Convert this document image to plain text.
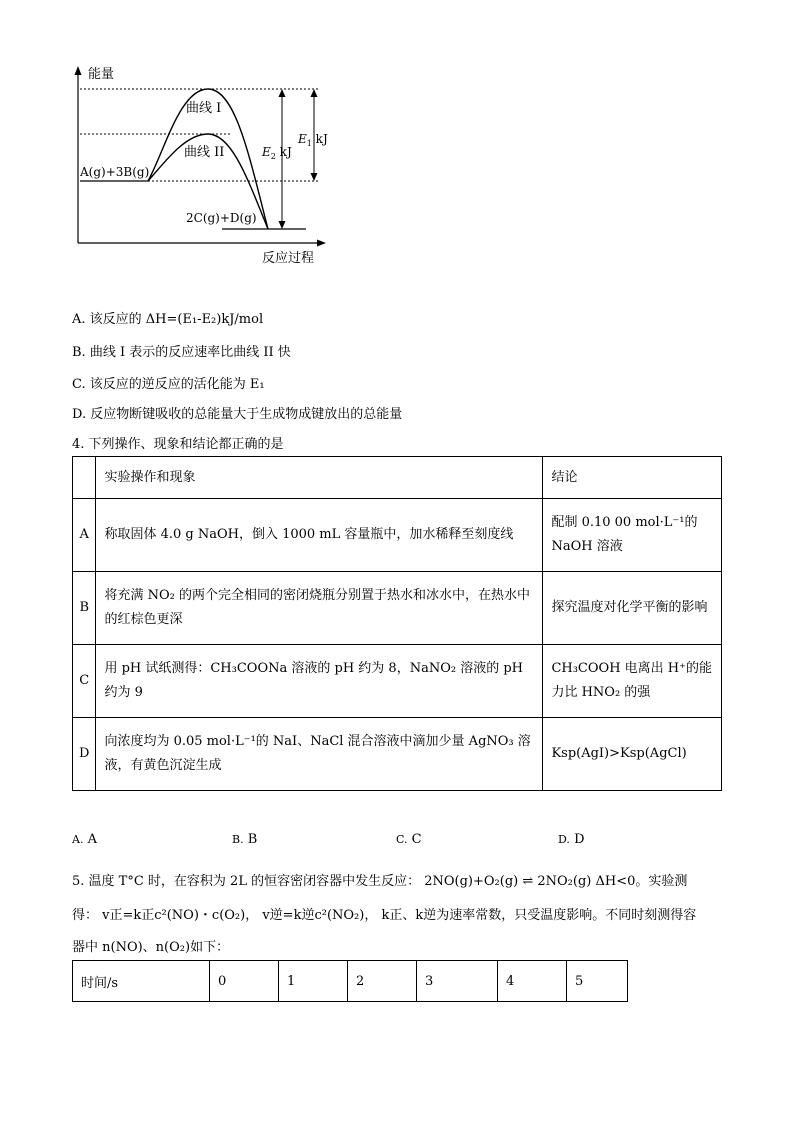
能量
反应过程
曲线 I
曲线 II
A(g)+3B(g)
2C(g)+D(g)
$E_2$ kJ
$E_1$ kJ
A. 该反应的 ΔH=(E₁-E₂)kJ/mol
B. 曲线 I 表示的反应速率比曲线 II 快
C. 该反应的逆反应的活化能为 E₁
D. 反应物断键吸收的总能量大于生成物成键放出的总能量
4. 下列操作、现象和结论都正确的是
	实验操作和现象	结论
A	称取固体 4.0 g NaOH，倒入 1000 mL 容量瓶中，加水稀释至刻度线	配制 0.10 00 mol·L⁻¹的 NaOH 溶液
B	将充满 NO₂ 的两个完全相同的密闭烧瓶分别置于热水和冰水中，在热水中的红棕色更深	探究温度对化学平衡的影响
C	用 pH 试纸测得：CH₃COONa 溶液的 pH 约为 8，NaNO₂ 溶液的 pH 约为 9	CH₃COOH 电离出 H⁺的能力比 HNO₂ 的强
D	向浓度均为 0.05 mol·L⁻¹的 NaI、NaCl 混合溶液中滴加少量 AgNO₃ 溶液，有黄色沉淀生成	Ksp(AgI)>Ksp(AgCl)
A. A	B. B	C. C	D. D
5. 温度 T°C 时，在容积为 2L 的恒容密闭容器中发生反应： 2NO(g)+O₂(g) ⇌ 2NO₂(g) ΔH<0。实验测
得： v正=k正c²(NO)・c(O₂)， v逆=k逆c²(NO₂)， k正、k逆为速率常数，只受温度影响。不同时刻测得容
器中 n(NO)、n(O₂)如下：
时间/s	0	1	2	3	4	5
